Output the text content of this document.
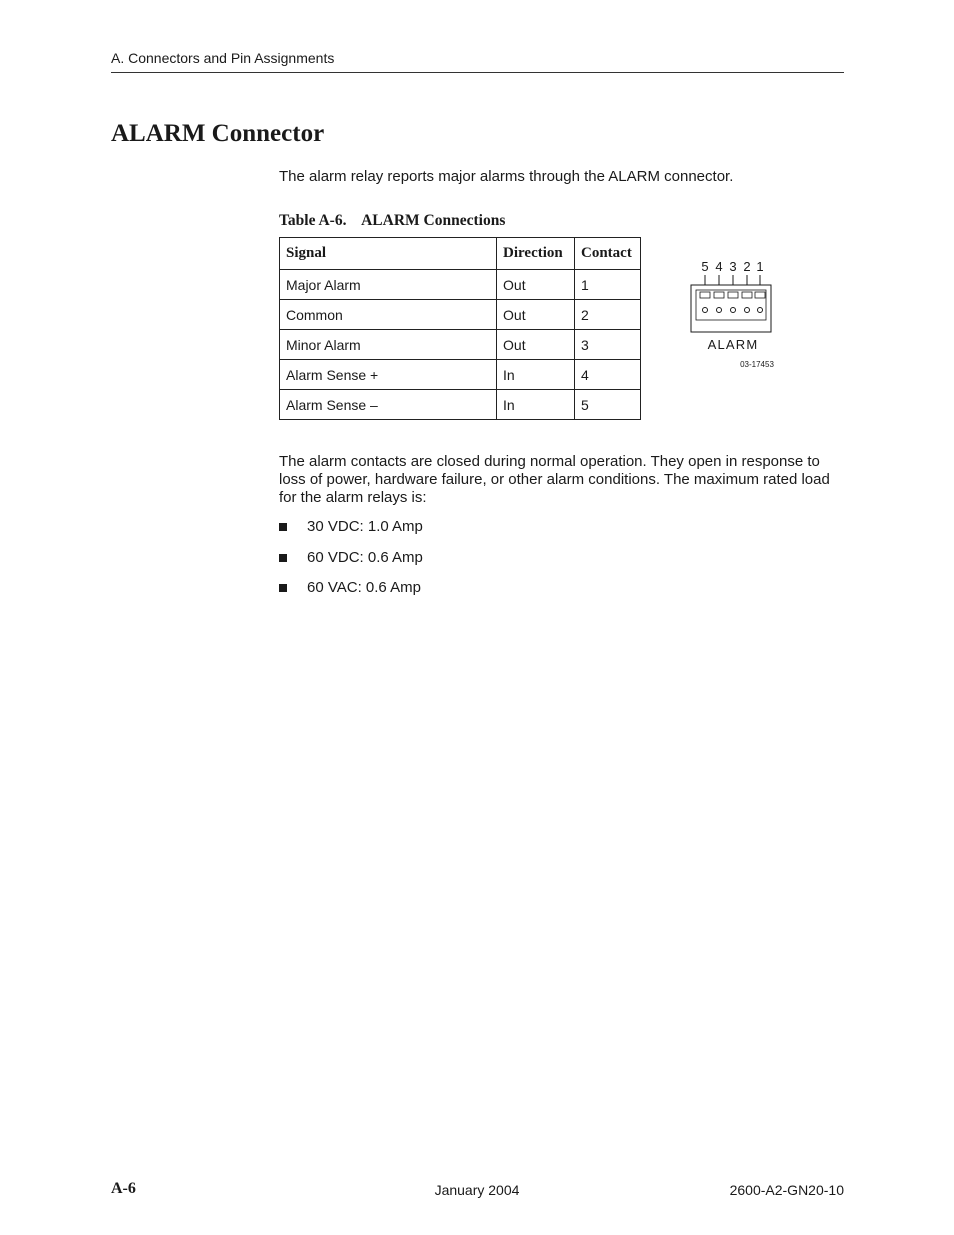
A. Connectors and Pin Assignments
ALARM Connector

The alarm relay reports major alarms through the ALARM connector.

Table A-6.    ALARM Connections
Signal	Direction	Contact
Major Alarm	Out	1
Common	Out	2
Minor Alarm	Out	3
Alarm Sense +	In	4
Alarm Sense –	In	5
5 4 3 2 1
ALARM
03-17453

The alarm contacts are closed during normal operation. They open in response to loss of power, hardware failure, or other alarm conditions. The maximum rated load for the alarm relays is:

30 VDC: 1.0 Amp
60 VDC: 0.6 Amp
60 VAC: 0.6 Amp
A-6	January 2004	2600-A2-GN20-10
